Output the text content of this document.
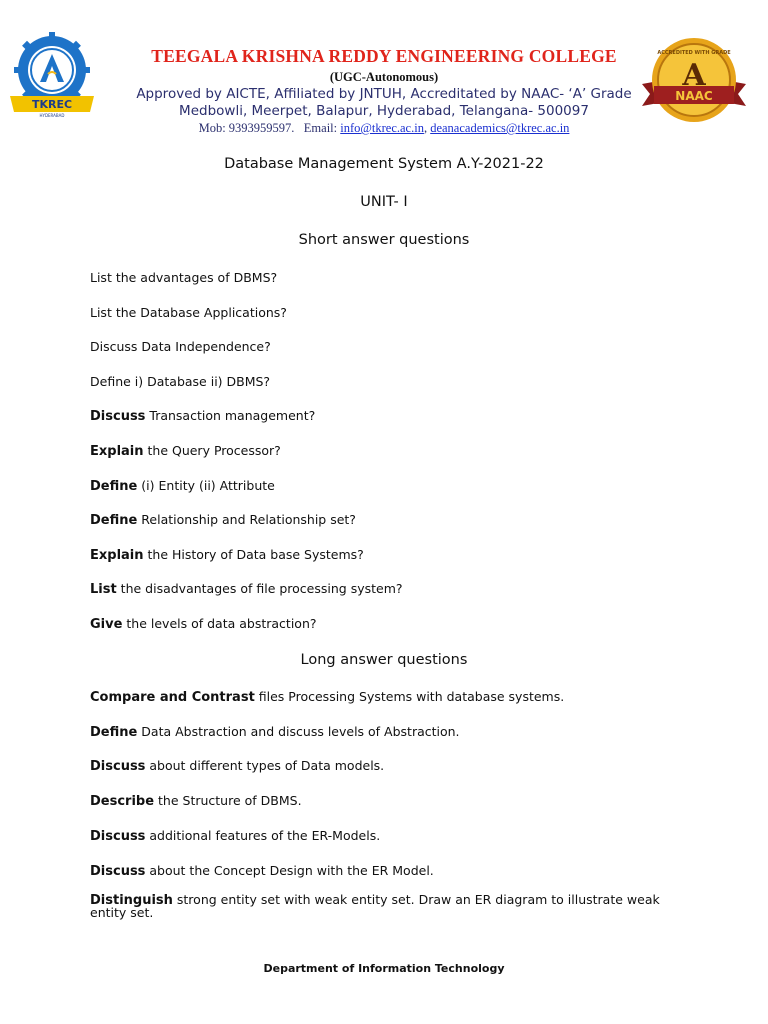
TKREC
HYDERABAD
ACCREDITED WITH GRADE
A
NAAC
TEEGALA KRISHNA REDDY ENGINEERING COLLEGE
(UGC-Autonomous)
Approved by AICTE, Affiliated by JNTUH, Accreditated by NAAC- ‘A’ Grade
Medbowli, Meerpet, Balapur, Hyderabad, Telangana- 500097
Mob: 9393959597. Email: info@tkrec.ac.in, deanacademics@tkrec.ac.in
Database Management System A.Y-2021-22
UNIT- I
Short answer questions
List the advantages of DBMS?
List the Database Applications?
Discuss Data Independence?
Define i) Database ii) DBMS?
Discuss Transaction management?
Explain the Query Processor?
Define (i) Entity (ii) Attribute
Define Relationship and Relationship set?
Explain the History of Data base Systems?
List the disadvantages of file processing system?
Give the levels of data abstraction?
Long answer questions
Compare and Contrast files Processing Systems with database systems.
Define Data Abstraction and discuss levels of Abstraction.
Discuss about different types of Data models.
Describe the Structure of DBMS.
Discuss additional features of the ER-Models.
Discuss about the Concept Design with the ER Model.
Distinguish strong entity set with weak entity set. Draw an ER diagram to illustrate weak entity set.
Department of Information Technology
